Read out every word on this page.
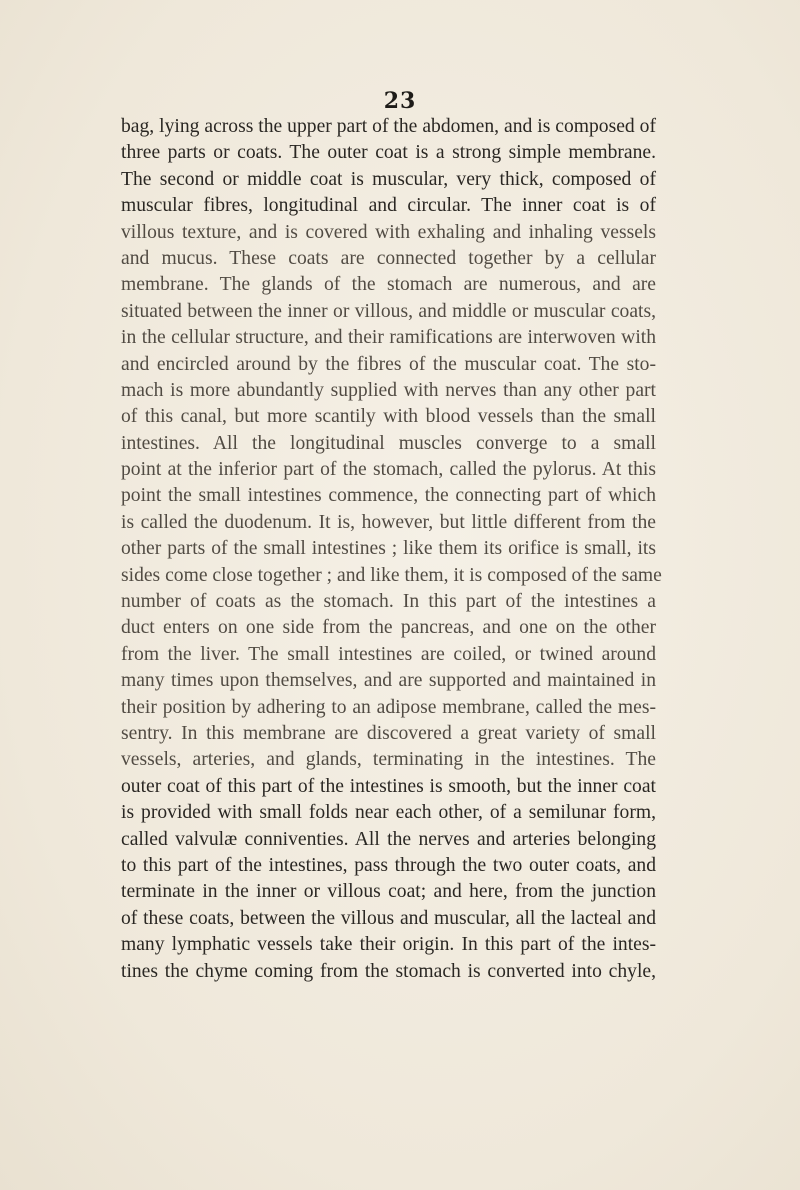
23
bag, lying across the upper part of the abdomen, and is composed of
three parts or coats. The outer coat is a strong simple membrane.
The second or middle coat is muscular, very thick, composed of
muscular fibres, longitudinal and circular. The inner coat is of
villous texture, and is covered with exhaling and inhaling vessels
and mucus. These coats are connected together by a cellular
membrane. The glands of the stomach are numerous, and are
situated between the inner or villous, and middle or muscular coats,
in the cellular structure, and their ramifications are interwoven with
and encircled around by the fibres of the muscular coat. The sto-
mach is more abundantly supplied with nerves than any other part
of this canal, but more scantily with blood vessels than the small
intestines. All the longitudinal muscles converge to a small
point at the inferior part of the stomach, called the pylorus. At this
point the small intestines commence, the connecting part of which
is called the duodenum. It is, however, but little different from the
other parts of the small intestines ; like them its orifice is small, its
sides come close together ; and like them, it is composed of the same
number of coats as the stomach. In this part of the intestines a
duct enters on one side from the pancreas, and one on the other
from the liver. The small intestines are coiled, or twined around
many times upon themselves, and are supported and maintained in
their position by adhering to an adipose membrane, called the mes-
sentry. In this membrane are discovered a great variety of small
vessels, arteries, and glands, terminating in the intestines. The
outer coat of this part of the intestines is smooth, but the inner coat
is provided with small folds near each other, of a semilunar form,
called valvulæ conniventies. All the nerves and arteries belonging
to this part of the intestines, pass through the two outer coats, and
terminate in the inner or villous coat; and here, from the junction
of these coats, between the villous and muscular, all the lacteal and
many lymphatic vessels take their origin. In this part of the intes-
tines the chyme coming from the stomach is converted into chyle,
